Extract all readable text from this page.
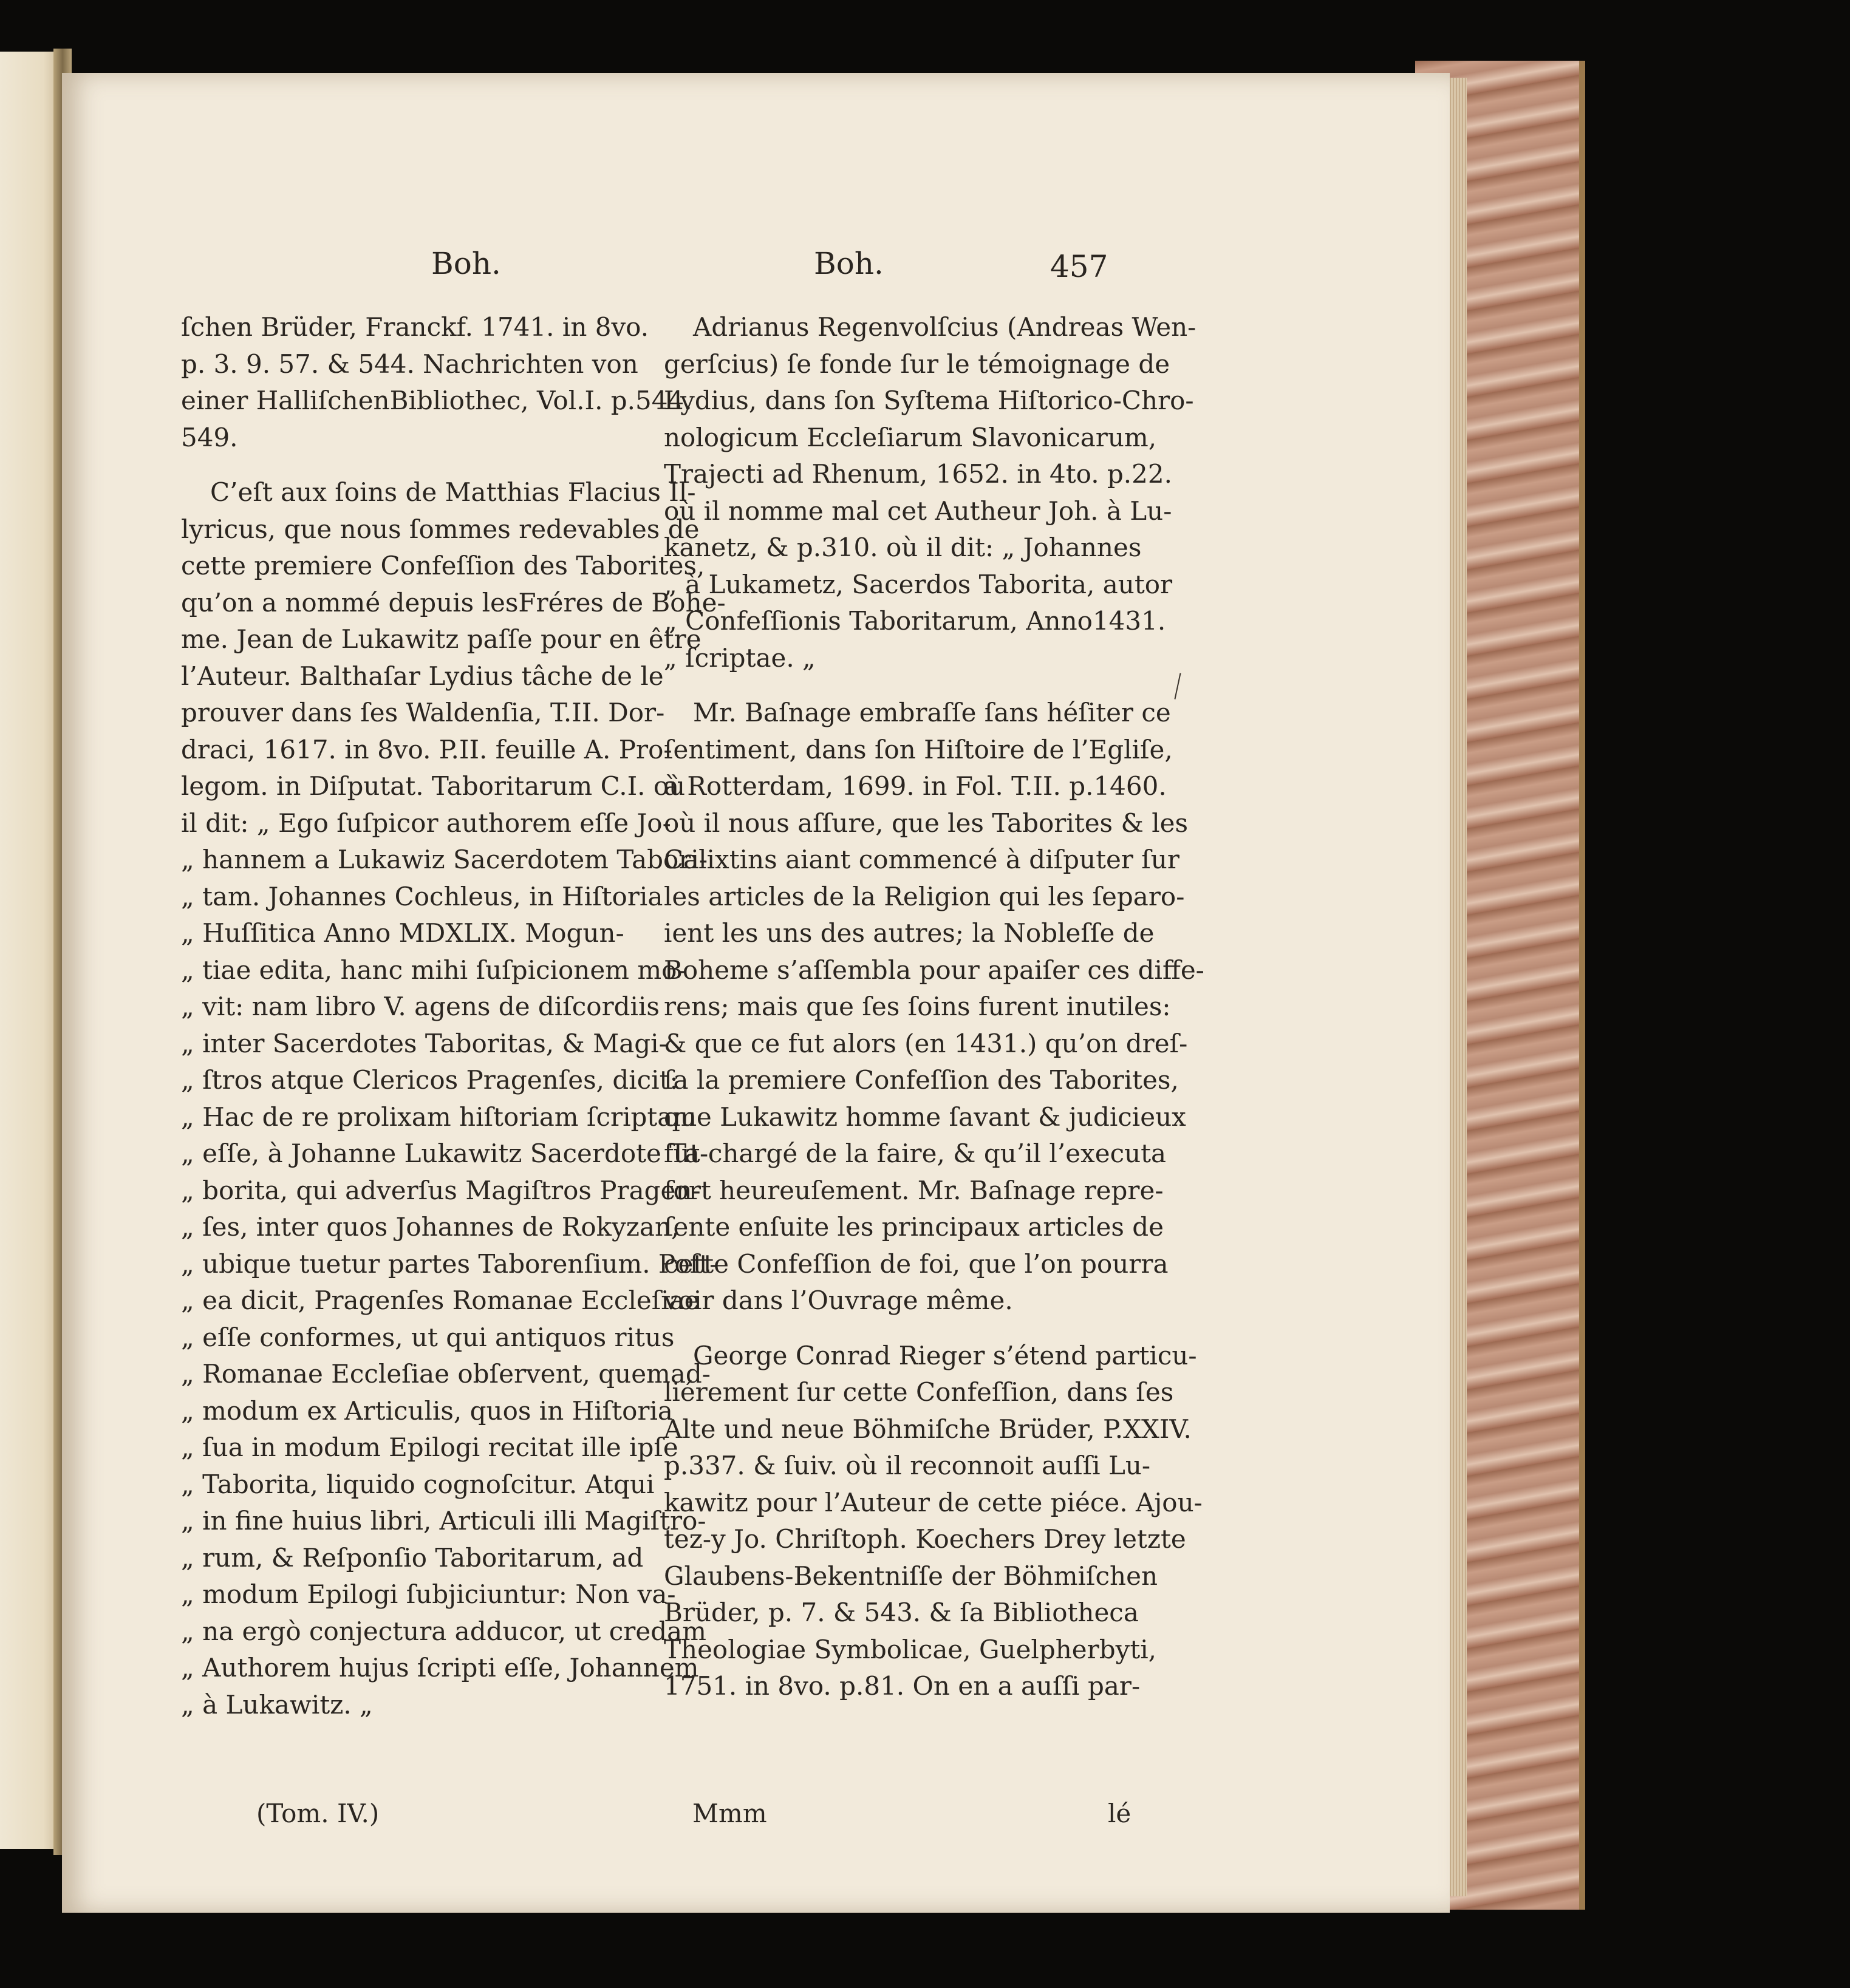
Boh.	Boh.	457
ſchen Brüder, Franckf. 1741. in 8vo.
p. 3. 9. 57. & 544. Nachrichten von
einer HalliſchenBibliothec, Vol.I. p.544.
549.
C’eſt aux ſoins de Matthias Flacius Il-
lyricus, que nous ſommes redevables de
cette premiere Confeſſion des Taborites,
qu’on a nommé depuis lesFréres de Bohe-
me. Jean de Lukawitz paſſe pour en être
l’Auteur. Balthaſar Lydius tâche de le
prouver dans ſes Waldenſia, T.II. Dor-
draci, 1617. in 8vo. P.II. feuille A. Pro-
legom. in Diſputat. Taboritarum C.I. où
il dit: „ Ego ſuſpicor authorem eſſe Jo-
„ hannem a Lukawiz Sacerdotem Tabori-
„ tam. Johannes Cochleus, in Hiſtoria
„ Huſſitica Anno MDXLIX. Mogun-
„ tiae edita, hanc mihi ſuſpicionem mo-
„ vit: nam libro V. agens de diſcordiis
„ inter Sacerdotes Taboritas, & Magi-
„ ſtros atque Clericos Pragenſes, dicit:
„ Hac de re prolixam hiſtoriam ſcriptam
„ eſſe, à Johanne Lukawitz Sacerdote Ta-
„ borita, qui adverſus Magiſtros Pragen-
„ ſes, inter quos Johannes de Rokyzan,
„ ubique tuetur partes Taborenſium. Poſt-
„ ea dicit, Pragenſes Romanae Eccleſiae
„ eſſe conformes, ut qui antiquos ritus
„ Romanae Eccleſiae obſervent, quemad-
„ modum ex Articulis, quos in Hiſtoria
„ ſua in modum Epilogi recitat ille ipſe
„ Taborita, liquido cognoſcitur. Atqui
„ in fine huius libri, Articuli illi Magiſtro-
„ rum, & Reſponſio Taboritarum, ad
„ modum Epilogi ſubjiciuntur: Non va-
„ na ergò conjectura adducor, ut credam
„ Authorem hujus ſcripti eſſe, Johannem
„ à Lukawitz. „
(Tom. IV.)
Adrianus Regenvolſcius (Andreas Wen-
gerſcius) ſe fonde ſur le témoignage de
Lydius, dans ſon Syſtema Hiſtorico-Chro-
nologicum Eccleſiarum Slavonicarum,
Trajecti ad Rhenum, 1652. in 4to. p.22.
où il nomme mal cet Autheur Joh. à Lu-
kanetz, & p.310. où il dit: „ Johannes
„ à Lukametz, Sacerdos Taborita, autor
„ Confeſſionis Taboritarum, Anno1431.
„ ſcriptae. „
Mr. Baſnage embraſſe ſans héſiter ce
ſentiment, dans ſon Hiſtoire de l’Egliſe,
à Rotterdam, 1699. in Fol. T.II. p.1460.
où il nous aſſure, que les Taborites & les
Calixtins aiant commencé à diſputer ſur
les articles de la Religion qui les ſeparo-
ient les uns des autres; la Nobleſſe de
Boheme s’aſſembla pour apaiſer ces diffe-
rens; mais que ſes ſoins furent inutiles:
& que ce fut alors (en 1431.) qu’on dreſ-
ſa la premiere Confeſſion des Taborites,
que Lukawitz homme ſavant & judicieux
fut chargé de la faire, & qu’il l’executa
fort heureuſement. Mr. Baſnage repre-
ſente enſuite les principaux articles de
cette Confeſſion de foi, que l’on pourra
voir dans l’Ouvrage même.
George Conrad Rieger s’étend particu-
liérement ſur cette Confeſſion, dans ſes
Alte und neue Böhmiſche Brüder, P.XXIV.
p.337. & ſuiv. où il reconnoit auſſi Lu-
kawitz pour l’Auteur de cette piéce. Ajou-
tez-y Jo. Chriſtoph. Koechers Drey letzte
Glaubens-Bekentniſſe der Böhmiſchen
Brüder, p. 7. & 543. & ſa Bibliotheca
Theologiae Symbolicae, Guelpherbyti,
1751. in 8vo. p.81. On en a auſſi par-
Mmm	lé
